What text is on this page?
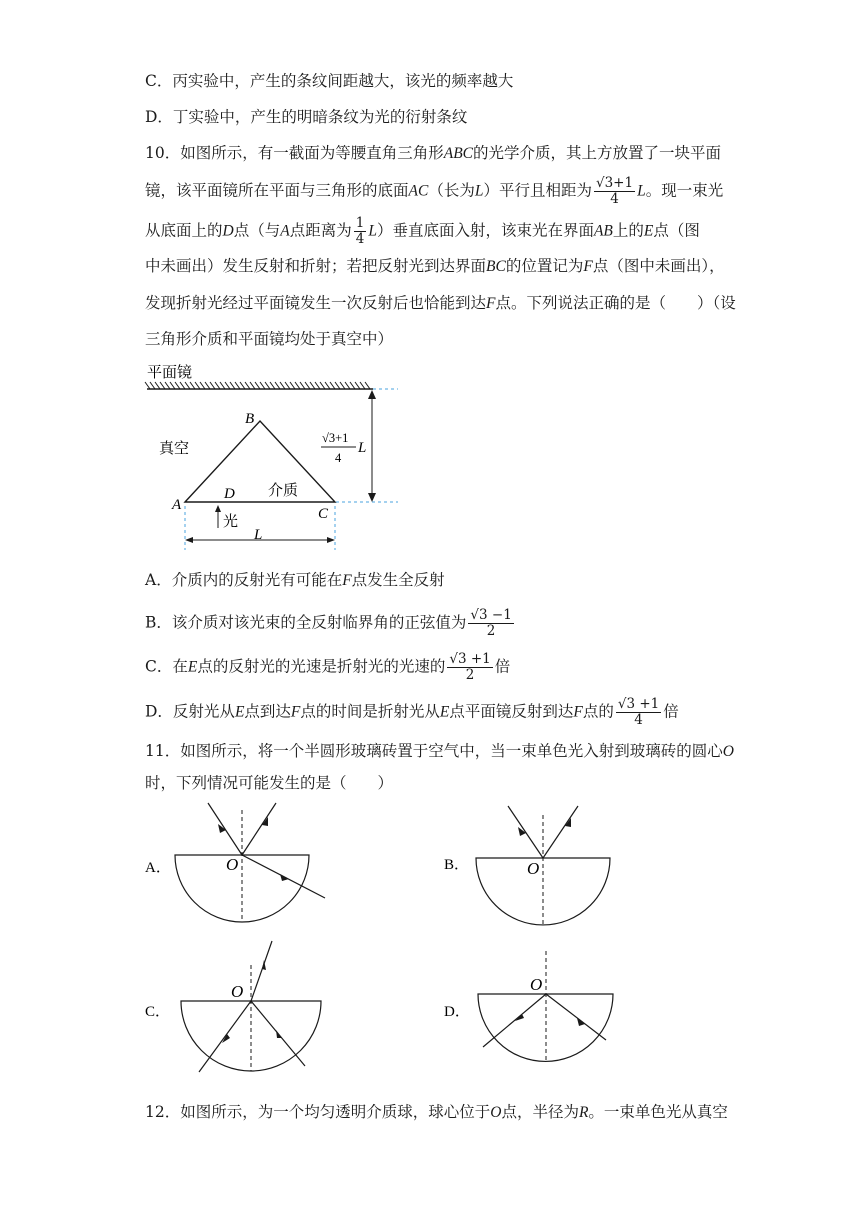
C．丙实验中，产生的条纹间距越大，该光的频率越大
D．丁实验中，产生的明暗条纹为光的衍射条纹
10．如图所示，有一截面为等腰直角三角形ABC的光学介质，其上方放置了一块平面
镜，该平面镜所在平面与三角形的底面AC（长为L）平行且相距为 $\frac{√3+1}{4}$ L。现一束光
从底面上的D点（与A点距离为 $\frac{1}{4} L$）垂直底面入射，该束光在界面AB上的E点（图
中未画出）发生反射和折射；若把反射光到达界面BC的位置记为F点（图中未画出），
发现折射光经过平面镜发生一次反射后也恰能到达F点。下列说法正确的是（　　）（设
三角形介质和平面镜均处于真空中）
平面镜
B
A
C
D
真空
介质
光
L
√3+1
4
L
A．介质内的反射光有可能在F点发生全反射
B．该介质对该光束的全反射临界角的正弦值为 $\frac{√3 -1}{2}$
C．在E点的反射光的光速是折射光的光速的 $\frac{√3 +1}{2}$ 倍
D．反射光从E点到达F点的时间是折射光从E点平面镜反射到达F点的 $\frac{√3 +1}{4}$ 倍
11．如图所示，将一个半圆形玻璃砖置于空气中，当一束单色光入射到玻璃砖的圆心O
时，下列情况可能发生的是（　　）
A．	O	B．	O
C．
O
D．
O
12．如图所示，为一个均匀透明介质球，球心位于O点，半径为R。一束单色光从真空
